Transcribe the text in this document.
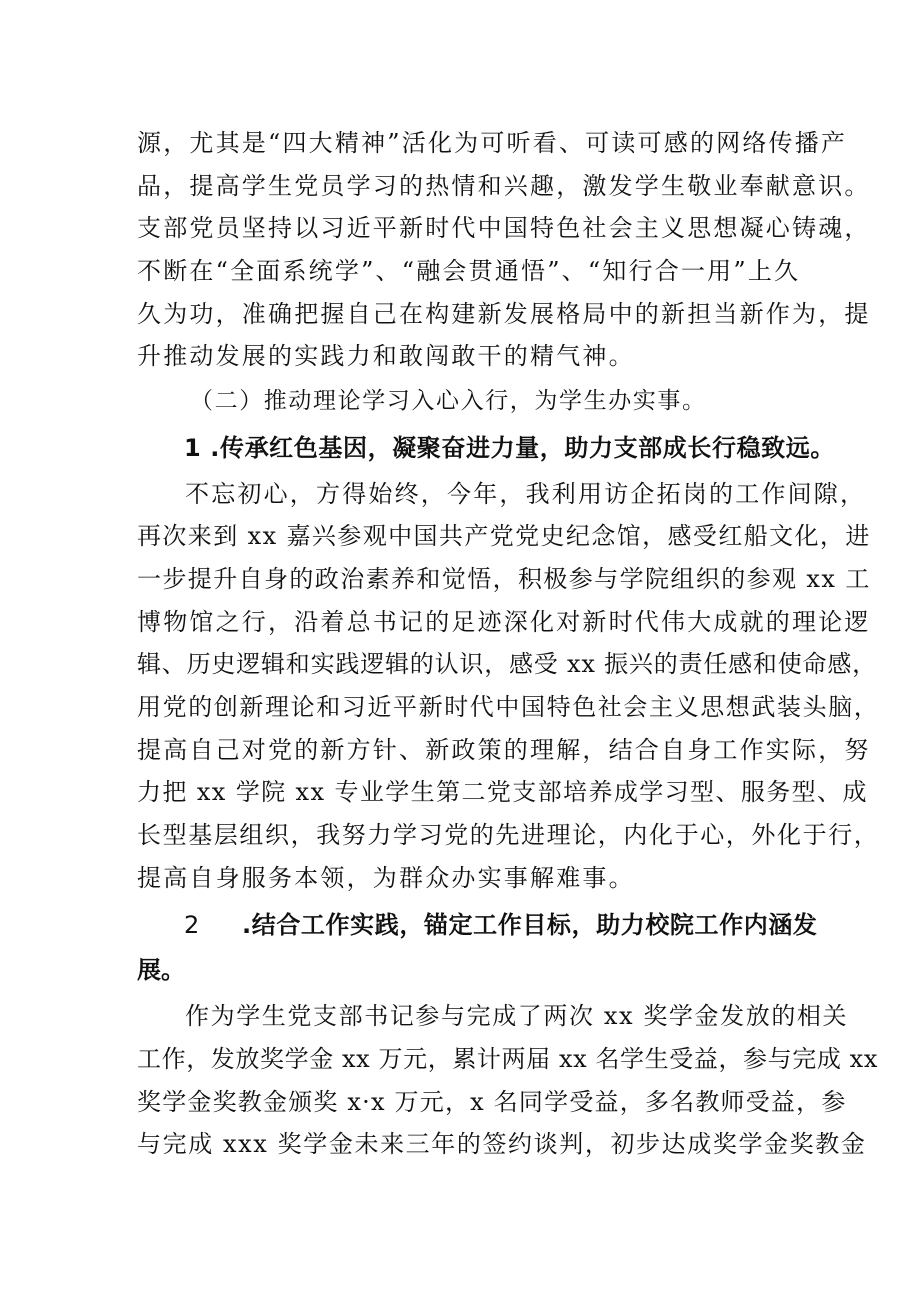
源，尤其是“四大精神”活化为可听看、可读可感的网络传播产
品，提高学生党员学习的热情和兴趣，激发学生敬业奉献意识。
支部党员坚持以习近平新时代中国特色社会主义思想凝心铸魂，
不断在“全面系统学”、“融会贯通悟”、“知行合一用”上久
久为功，准确把握自己在构建新发展格局中的新担当新作为，提
升推动发展的实践力和敢闯敢干的精气神。
（二）推动理论学习入心入行，为学生办实事。
1 .传承红色基因，凝聚奋进力量，助力支部成长行稳致远。
不忘初心，方得始终，今年，我利用访企拓岗的工作间隙，
再次来到 xx 嘉兴参观中国共产党党史纪念馆，感受红船文化，进
一步提升自身的政治素养和觉悟，积极参与学院组织的参观 xx 工
博物馆之行，沿着总书记的足迹深化对新时代伟大成就的理论逻
辑、历史逻辑和实践逻辑的认识，感受 xx 振兴的责任感和使命感，
用党的创新理论和习近平新时代中国特色社会主义思想武装头脑，
提高自己对党的新方针、新政策的理解，结合自身工作实际，努
力把 xx 学院 xx 专业学生第二党支部培养成学习型、服务型、成
长型基层组织，我努力学习党的先进理论，内化于心，外化于行，
提高自身服务本领，为群众办实事解难事。
2 .结合工作实践，锚定工作目标，助力校院工作内涵发
展。
作为学生党支部书记参与完成了两次 xx 奖学金发放的相关
工作，发放奖学金 xx 万元，累计两届 xx 名学生受益，参与完成 xx
奖学金奖教金颁奖 x·x 万元，x 名同学受益，多名教师受益，参
与完成 xxx 奖学金未来三年的签约谈判，初步达成奖学金奖教金
